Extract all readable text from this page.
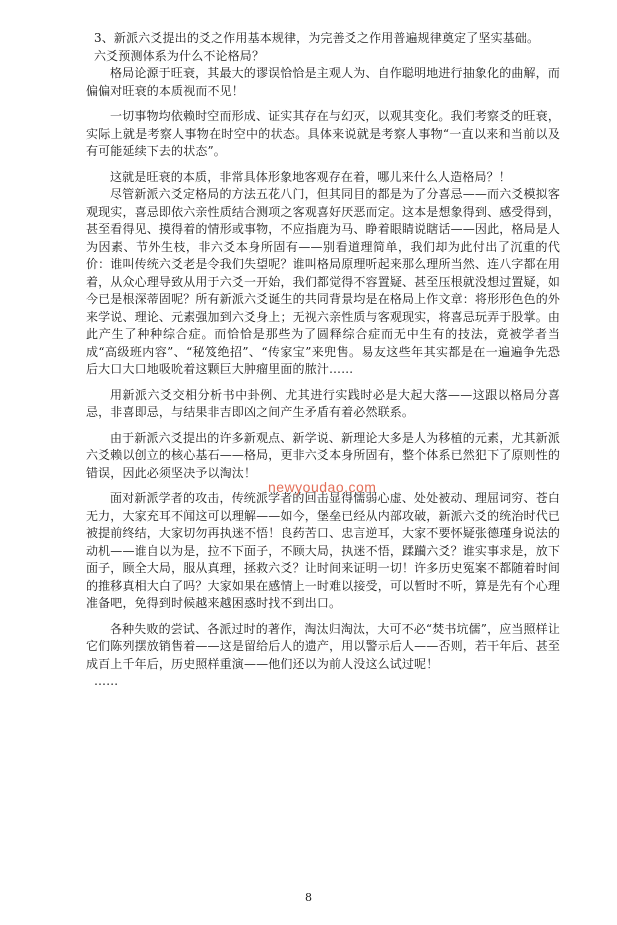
3、新派六爻提出的爻之作用基本规律，为完善爻之作用普遍规律奠定了坚实基础。

六爻预测体系为什么不论格局？

格局论源于旺衰，其最大的谬误恰恰是主观人为、自作聪明地进行抽象化的曲解，而偏偏对旺衰的本质视而不见！

一切事物均依赖时空而形成、证实其存在与幻灭，以观其变化。我们考察爻的旺衰，实际上就是考察人事物在时空中的状态。具体来说就是考察人事物“一直以来和当前以及有可能延续下去的状态”。

这就是旺衰的本质，非常具体形象地客观存在着，哪儿来什么人造格局？！

尽管新派六爻定格局的方法五花八门，但其同目的都是为了分喜忌——而六爻模拟客观现实，喜忌即依六亲性质结合测项之客观喜好厌恶而定。这本是想象得到、感受得到，甚至看得见、摸得着的情形或事物，不应指鹿为马、睁着眼睛说瞎话——因此，格局是人为因素、节外生枝，非六爻本身所固有——别看道理简单，我们却为此付出了沉重的代价：谁叫传统六爻老是令我们失望呢？谁叫格局原理听起来那么理所当然、连八字都在用着，从众心理导致从用于六爻一开始，我们都觉得不容置疑、甚至压根就没想过置疑，如今已是根深蒂固呢？所有新派六爻诞生的共同背景均是在格局上作文章：将形形色色的外来学说、理论、元素强加到六爻身上；无视六亲性质与客观现实，将喜忌玩弄于股掌。由此产生了种种综合症。而恰恰是那些为了圆释综合症而无中生有的技法，竟被学者当成“高级班内容”、“秘笈绝招”、“传家宝”来兜售。易友这些年其实都是在一遍遍争先恐后大口大口地吸吮着这颗巨大肿瘤里面的脓汁……

用新派六爻交相分析书中卦例、尤其进行实践时必是大起大落——这跟以格局分喜忌，非喜即忌，与结果非吉即凶之间产生矛盾有着必然联系。

由于新派六爻提出的许多新观点、新学说、新理论大多是人为移植的元素，尤其新派六爻赖以创立的核心基石——格局，更非六爻本身所固有，整个体系已然犯下了原则性的错误，因此必须坚决予以淘汰！

面对新派学者的攻击，传统派学者的回击显得懦弱心虚、处处被动、理屈词穷、苍白无力，大家充耳不闻这可以理解——如今，堡垒已经从内部攻破，新派六爻的统治时代已被提前终结，大家切勿再执迷不悟！良药苦口、忠言逆耳，大家不要怀疑张德瑾身说法的动机——谁自以为是，拉不下面子，不顾大局，执迷不悟，蹂躏六爻？谁实事求是，放下面子，顾全大局，服从真理，拯救六爻？让时间来证明一切！许多历史冤案不都随着时间的推移真相大白了吗？大家如果在感情上一时难以接受，可以暂时不听，算是先有个心理准备吧，免得到时候越来越困惑时找不到出口。

各种失败的尝试、各派过时的著作，淘汰归淘汰，大可不必“焚书坑儒”，应当照样让它们陈列摆放销售着——这是留给后人的遗产，用以警示后人——否则，若干年后、甚至成百上千年后，历史照样重演——他们还以为前人没这么试过呢！

……

newyoudao.com
8
